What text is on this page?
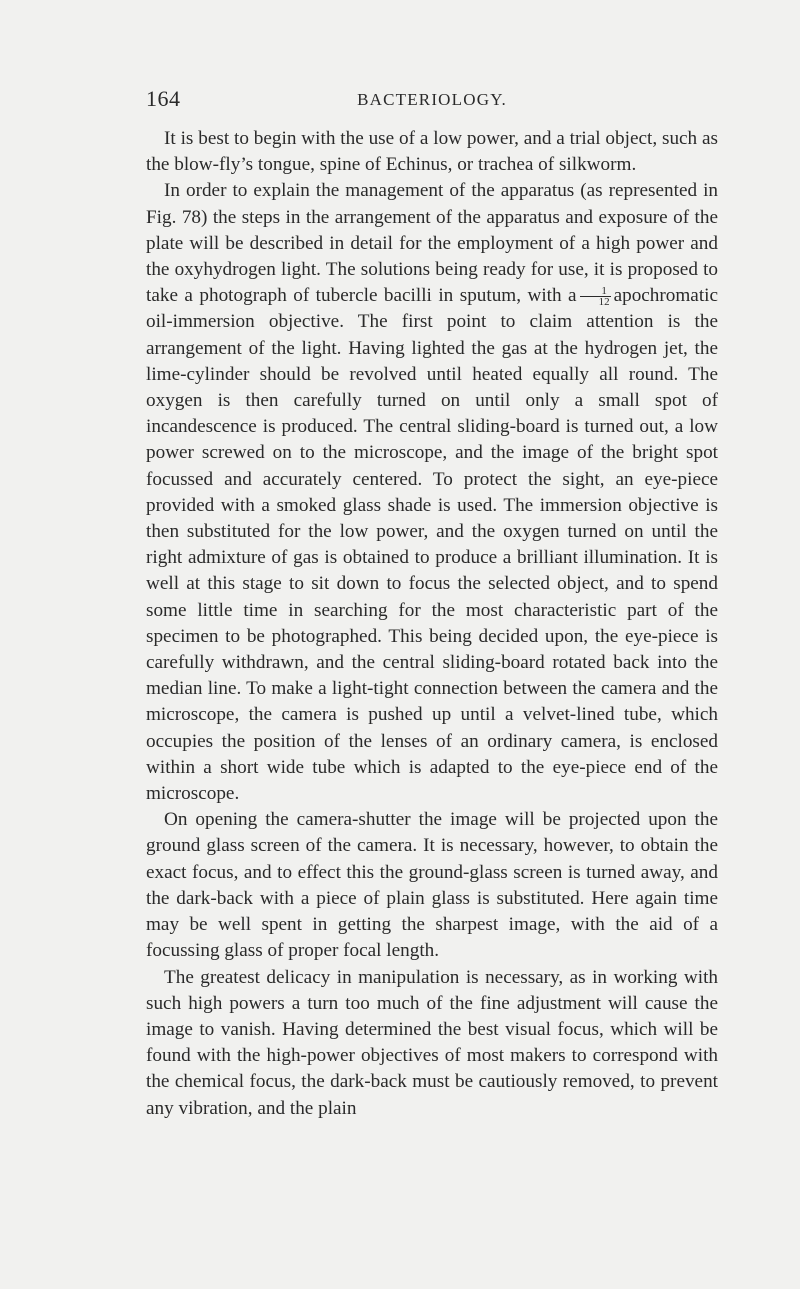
164	BACTERIOLOGY.

It is best to begin with the use of a low power, and a trial object, such as the blow-fly’s tongue, spine of Echinus, or trachea of silkworm.

In order to explain the management of the apparatus (as represented in Fig. 78) the steps in the arrangement of the apparatus and exposure of the plate will be described in detail for the employment of a high power and the oxyhydrogen light. The solutions being ready for use, it is proposed to take a photograph of tubercle bacilli in sputum, with a $\frac{1}{12}$ apochromatic oil-immersion objective. The first point to claim attention is the arrangement of the light. Having lighted the gas at the hydrogen jet, the lime-cylinder should be revolved until heated equally all round. The oxygen is then carefully turned on until only a small spot of incandescence is produced. The central sliding-board is turned out, a low power screwed on to the microscope, and the image of the bright spot focussed and accurately centered. To protect the sight, an eye-piece provided with a smoked glass shade is used. The immersion objective is then substituted for the low power, and the oxygen turned on until the right admixture of gas is obtained to produce a brilliant illumination. It is well at this stage to sit down to focus the selected object, and to spend some little time in searching for the most characteristic part of the specimen to be photographed. This being decided upon, the eye-piece is carefully withdrawn, and the central sliding-board rotated back into the median line. To make a light-tight connection between the camera and the microscope, the camera is pushed up until a velvet-lined tube, which occupies the position of the lenses of an ordinary camera, is enclosed within a short wide tube which is adapted to the eye-piece end of the microscope.

On opening the camera-shutter the image will be projected upon the ground glass screen of the camera. It is necessary, however, to obtain the exact focus, and to effect this the ground-glass screen is turned away, and the dark-back with a piece of plain glass is substituted. Here again time may be well spent in getting the sharpest image, with the aid of a focussing glass of proper focal length.

The greatest delicacy in manipulation is necessary, as in working with such high powers a turn too much of the fine adjustment will cause the image to vanish. Having determined the best visual focus, which will be found with the high-power objectives of most makers to correspond with the chemical focus, the dark-back must be cautiously removed, to prevent any vibration, and the plain
